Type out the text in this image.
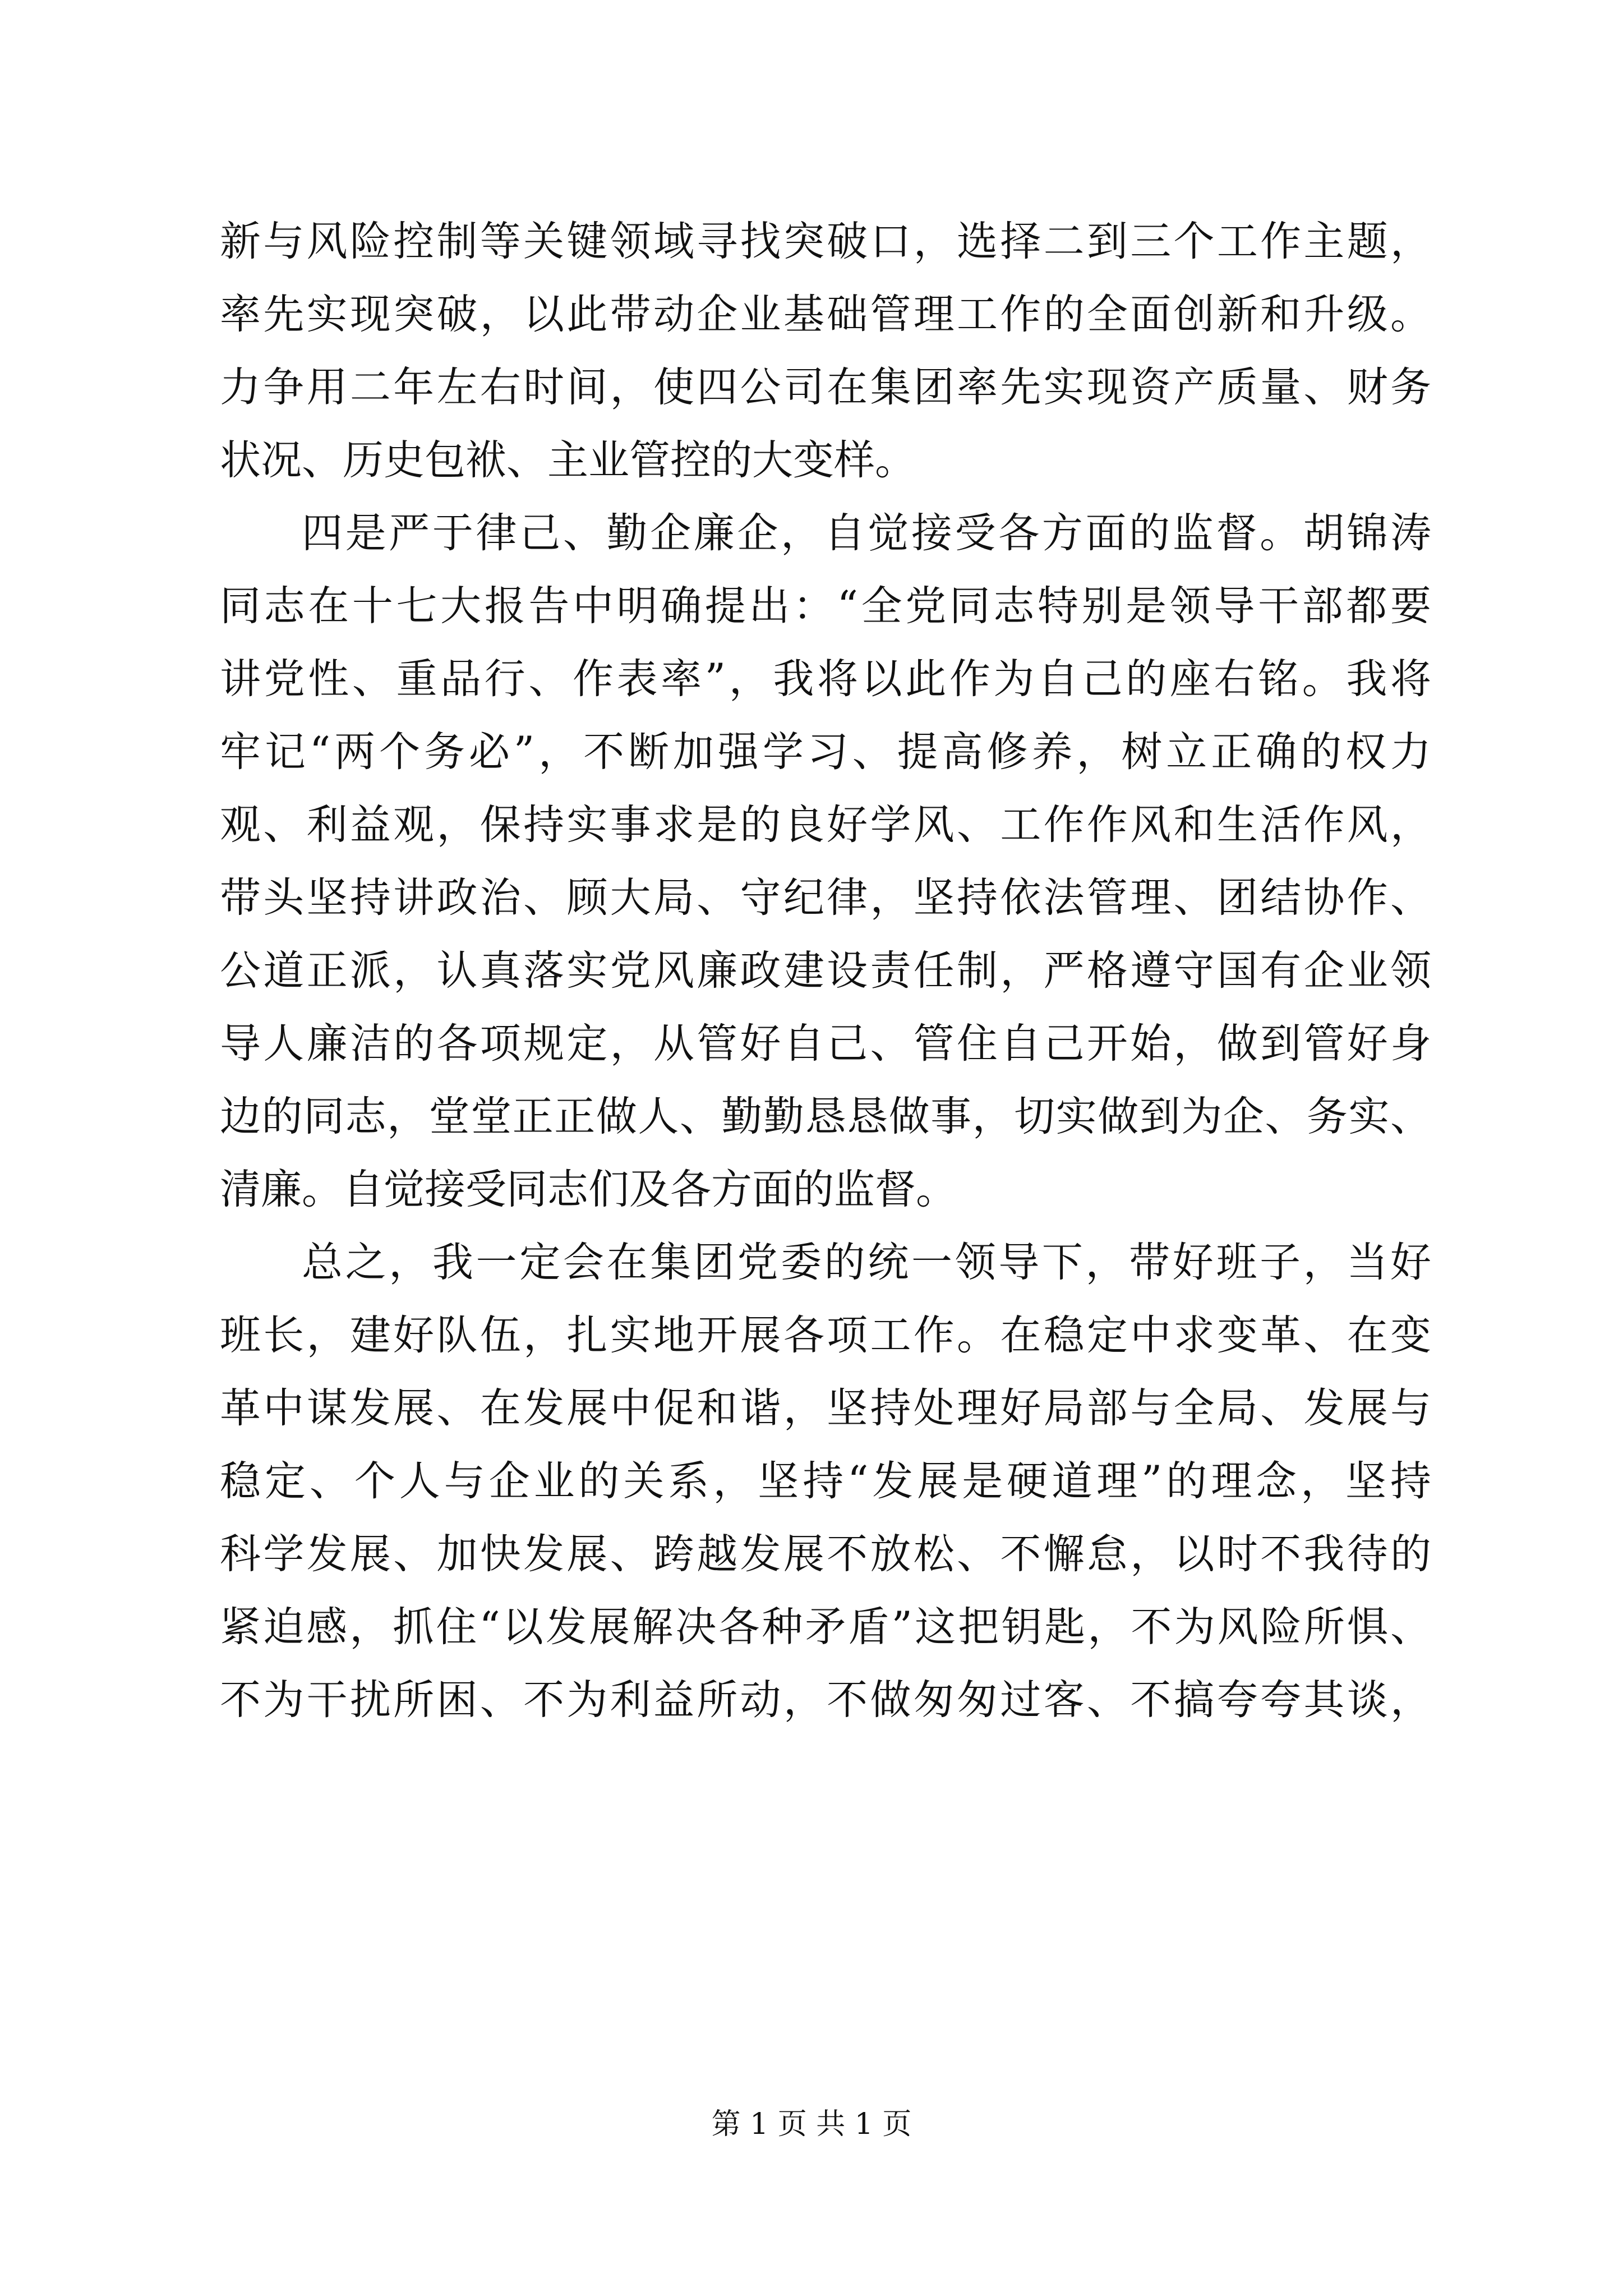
新与风险控制等关键领域寻找突破口，选择二到三个工作主题，
率先实现突破，以此带动企业基础管理工作的全面创新和升级。
力争用二年左右时间，使四公司在集团率先实现资产质量、财务
状况、历史包袱、主业管控的大变样。
四是严于律己、勤企廉企，自觉接受各方面的监督。胡锦涛
同志在十七大报告中明确提出：“全党同志特别是领导干部都要
讲党性、重品行、作表率”，我将以此作为自己的座右铭。我将
牢记“两个务必”，不断加强学习、提高修养，树立正确的权力
观、利益观，保持实事求是的良好学风、工作作风和生活作风，
带头坚持讲政治、顾大局、守纪律，坚持依法管理、团结协作、
公道正派，认真落实党风廉政建设责任制，严格遵守国有企业领
导人廉洁的各项规定，从管好自己、管住自己开始，做到管好身
边的同志，堂堂正正做人、勤勤恳恳做事，切实做到为企、务实、
清廉。自觉接受同志们及各方面的监督。
总之，我一定会在集团党委的统一领导下，带好班子，当好
班长，建好队伍，扎实地开展各项工作。在稳定中求变革、在变
革中谋发展、在发展中促和谐，坚持处理好局部与全局、发展与
稳定、个人与企业的关系，坚持“发展是硬道理”的理念，坚持
科学发展、加快发展、跨越发展不放松、不懈怠，以时不我待的
紧迫感，抓住“以发展解决各种矛盾”这把钥匙，不为风险所惧、
不为干扰所困、不为利益所动，不做匆匆过客、不搞夸夸其谈，
第 1 页 共 1 页
